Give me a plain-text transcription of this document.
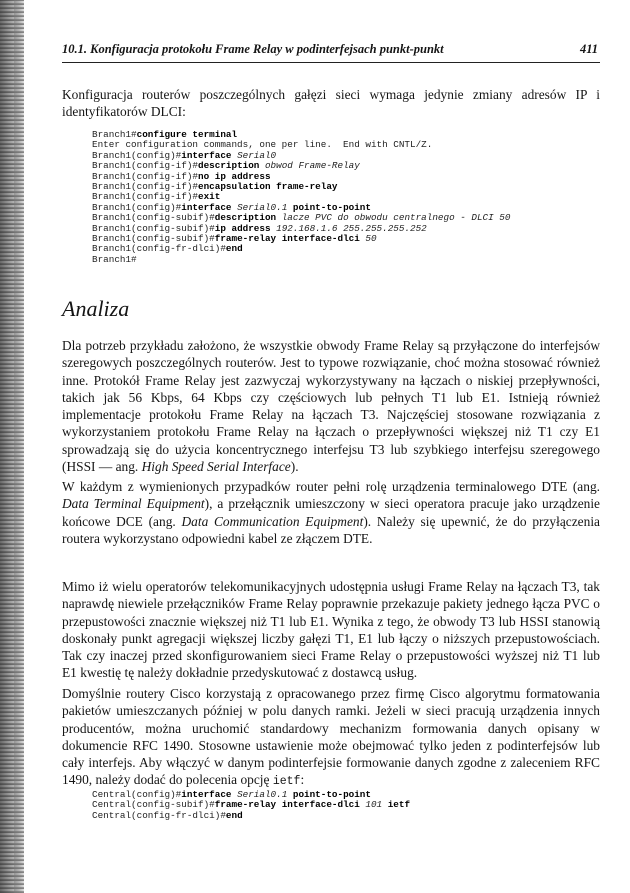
10.1. Konfiguracja protokołu Frame Relay w podinterfejsach punkt-punkt	411

Konfiguracja routerów poszczególnych gałęzi sieci wymaga jedynie zmiany adresów IP i identyfikatorów DLCI:

Branch1#configure terminal
Enter configuration commands, one per line.  End with CNTL/Z.
Branch1(config)#interface Serial0
Branch1(config-if)#description obwod Frame-Relay
Branch1(config-if)#no ip address
Branch1(config-if)#encapsulation frame-relay
Branch1(config-if)#exit
Branch1(config)#interface Serial0.1 point-to-point
Branch1(config-subif)#description lacze PVC do obwodu centralnego - DLCI 50
Branch1(config-subif)#ip address 192.168.1.6 255.255.255.252
Branch1(config-subif)#frame-relay interface-dlci 50
Branch1(config-fr-dlci)#end
Branch1#
Analiza

Dla potrzeb przykładu założono, że wszystkie obwody Frame Relay są przyłączone do interfejsów szeregowych poszczególnych routerów. Jest to typowe rozwiązanie, choć można stosować również inne. Protokół Frame Relay jest zazwyczaj wykorzystywany na łączach o niskiej przepływności, takich jak 56 Kbps, 64 Kbps czy częściowych lub pełnych T1 lub E1. Istnieją również implementacje protokołu Frame Relay na łączach T3. Najczęściej stosowane rozwiązania z wykorzystaniem protokołu Frame Relay na łączach o przepływności większej niż T1 czy E1 sprowadzają się do użycia koncentrycznego interfejsu T3 lub szybkiego interfejsu szeregowego (HSSI — ang. High Speed Serial Interface).

W każdym z wymienionych przypadków router pełni rolę urządzenia terminalowego DTE (ang. Data Terminal Equipment), a przełącznik umieszczony w sieci operatora pracuje jako urządzenie końcowe DCE (ang. Data Communication Equipment). Należy się upewnić, że do przyłączenia routera wykorzystano odpowiedni kabel ze złączem DTE.

Mimo iż wielu operatorów telekomunikacyjnych udostępnia usługi Frame Relay na łączach T3, tak naprawdę niewiele przełączników Frame Relay poprawnie przekazuje pakiety jednego łącza PVC o przepustowości znacznie większej niż T1 lub E1. Wynika z tego, że obwody T3 lub HSSI stanowią doskonały punkt agregacji większej liczby gałęzi T1, E1 lub łączy o niższych przepustowościach. Tak czy inaczej przed skonfigurowaniem sieci Frame Relay o przepustowości wyższej niż T1 lub E1 kwestię tę należy dokładnie przedyskutować z dostawcą usług.

Domyślnie routery Cisco korzystają z opracowanego przez firmę Cisco algorytmu formatowania pakietów umieszczanych później w polu danych ramki. Jeżeli w sieci pracują urządzenia innych producentów, można uruchomić standardowy mechanizm formowania danych opisany w dokumencie RFC 1490. Stosowne ustawienie może obejmować tylko jeden z podinterfejsów lub cały interfejs. Aby włączyć w danym podinterfejsie formowanie danych zgodne z zaleceniem RFC 1490, należy dodać do polecenia opcję ietf:

Central(config)#interface Serial0.1 point-to-point
Central(config-subif)#frame-relay interface-dlci 101 ietf
Central(config-fr-dlci)#end
